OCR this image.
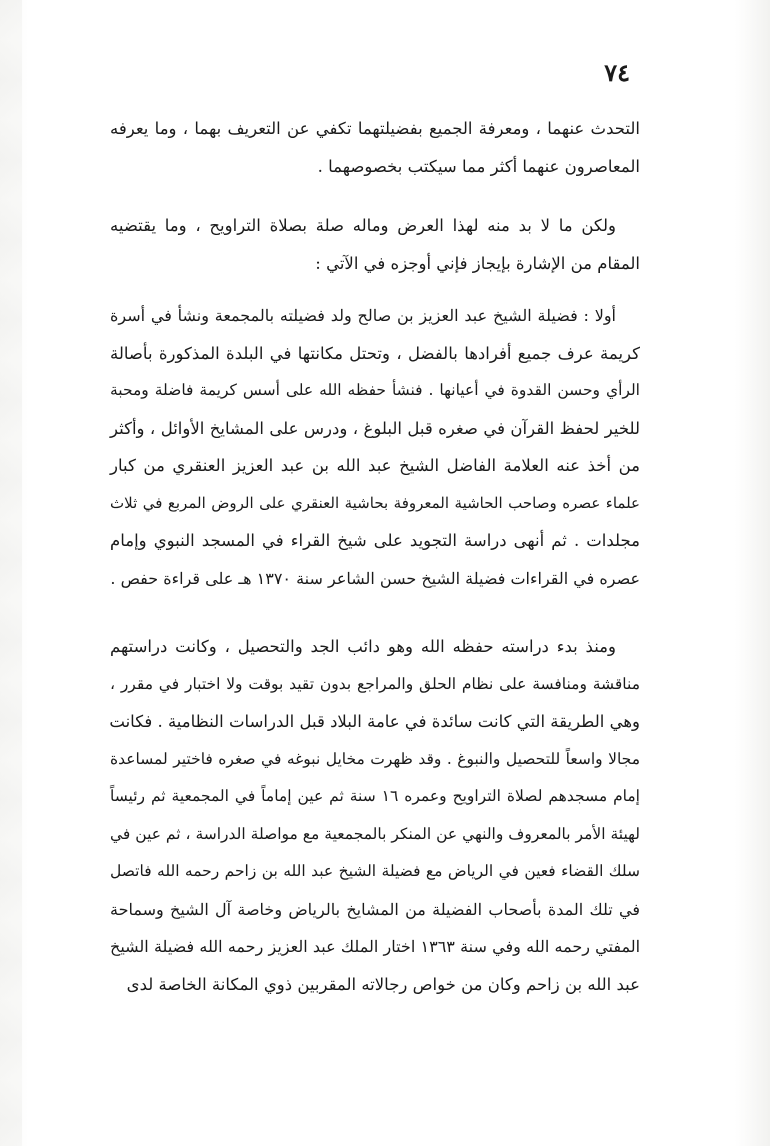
٧٤
التحدث عنهما ، ومعرفة الجميع بفضيلتهما تكفي عن التعريف بهما ، وما يعرفه
المعاصرون عنهما أكثر مما سيكتب بخصوصهما .
ولكن ما لا بد منه لهذا العرض وماله صلة بصلاة التراويح ، وما يقتضيه
المقام من الإشارة بإيجاز فإني أوجزه في الآتي :
أولا : فضيلة الشيخ عبد العزيز بن صالح ولد فضيلته بالمجمعة ونشأ في أسرة
كريمة عرف جميع أفرادها بالفضل ، وتحتل مكانتها في البلدة المذكورة بأصالة
الرأي وحسن القدوة في أعيانها . فنشأ حفظه الله على أسس كريمة فاضلة ومحبة
للخير لحفظ القرآن في صغره قبل البلوغ ، ودرس على المشايخ الأوائل ، وأكثر
من أخذ عنه العلامة الفاضل الشيخ عبد الله بن عبد العزيز العنقري من كبار
علماء عصره وصاحب الحاشية المعروفة بحاشية العنقري على الروض المربع في ثلاث
مجلدات . ثم أنهى دراسة التجويد على شيخ القراء في المسجد النبوي وإمام
عصره في القراءات فضيلة الشيخ حسن الشاعر سنة ١٣٧٠ هـ على قراءة حفص .
ومنذ بدء دراسته حفظه الله وهو دائب الجد والتحصيل ، وكانت دراستهم
مناقشة ومنافسة على نظام الحلق والمراجع بدون تقيد بوقت ولا اختبار في مقرر ،
وهي الطريقة التي كانت سائدة في عامة البلاد قبل الدراسات النظامية . فكانت
مجالا واسعاً للتحصيل والنبوغ . وقد ظهرت مخايل نبوغه في صغره فاختير لمساعدة
إمام مسجدهم لصلاة التراويح وعمره ١٦ سنة ثم عين إماماً في المجمعية ثم رئيساً
لهيئة الأمر بالمعروف والنهي عن المنكر بالمجمعية مع مواصلة الدراسة ، ثم عين في
سلك القضاء فعين في الرياض مع فضيلة الشيخ عبد الله بن زاحم رحمه الله فاتصل
في تلك المدة بأصحاب الفضيلة من المشايخ بالرياض وخاصة آل الشيخ وسماحة
المفتي رحمه الله وفي سنة ١٣٦٣ اختار الملك عبد العزيز رحمه الله فضيلة الشيخ
عبد الله بن زاحم وكان من خواص رجالاته المقربين ذوي المكانة الخاصة لدى
